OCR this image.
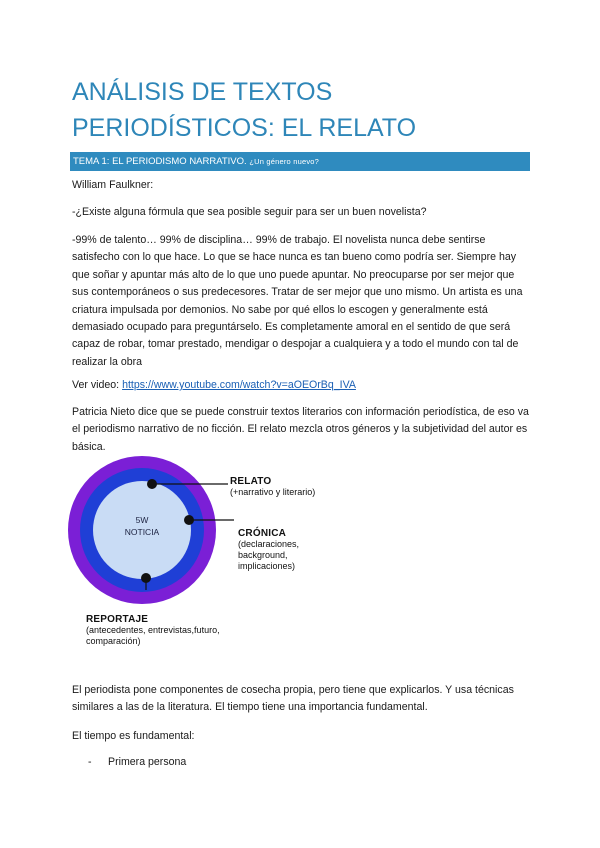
ANÁLISIS DE TEXTOS PERIODÍSTICOS: EL RELATO
TEMA 1: EL PERIODISMO NARRATIVO. ¿Un género nuevo?

William Faulkner:

-¿Existe alguna fórmula que sea posible seguir para ser un buen novelista?

-99% de talento… 99% de disciplina… 99% de trabajo. El novelista nunca debe sentirse satisfecho con lo que hace. Lo que se hace nunca es tan bueno como podría ser. Siempre hay que soñar y apuntar más alto de lo que uno puede apuntar. No preocuparse por ser mejor que sus contemporáneos o sus predecesores. Tratar de ser mejor que uno mismo. Un artista es una criatura impulsada por demonios. No sabe por qué ellos lo escogen y generalmente está demasiado ocupado para preguntárselo. Es completamente amoral en el sentido de que será capaz de robar, tomar prestado, mendigar o despojar a cualquiera y a todo el mundo con tal de realizar la obra

Ver video: https://www.youtube.com/watch?v=aOEOrBq_IVA

Patricia Nieto dice que se puede construir textos literarios con información periodística, de eso va el periodismo narrativo de no ficción. El relato mezcla otros géneros y la subjetividad del autor es básica.

5W
NOTICIA
RELATO
(+narrativo y literario)
CRÓNICA
(declaraciones,
background,
implicaciones)
REPORTAJE
(antecedentes, entrevistas,futuro,
comparación)

El periodista pone componentes de cosecha propia, pero tiene que explicarlos. Y usa técnicas similares a las de la literatura. El tiempo tiene una importancia fundamental.

El tiempo es fundamental:

- Primera persona
